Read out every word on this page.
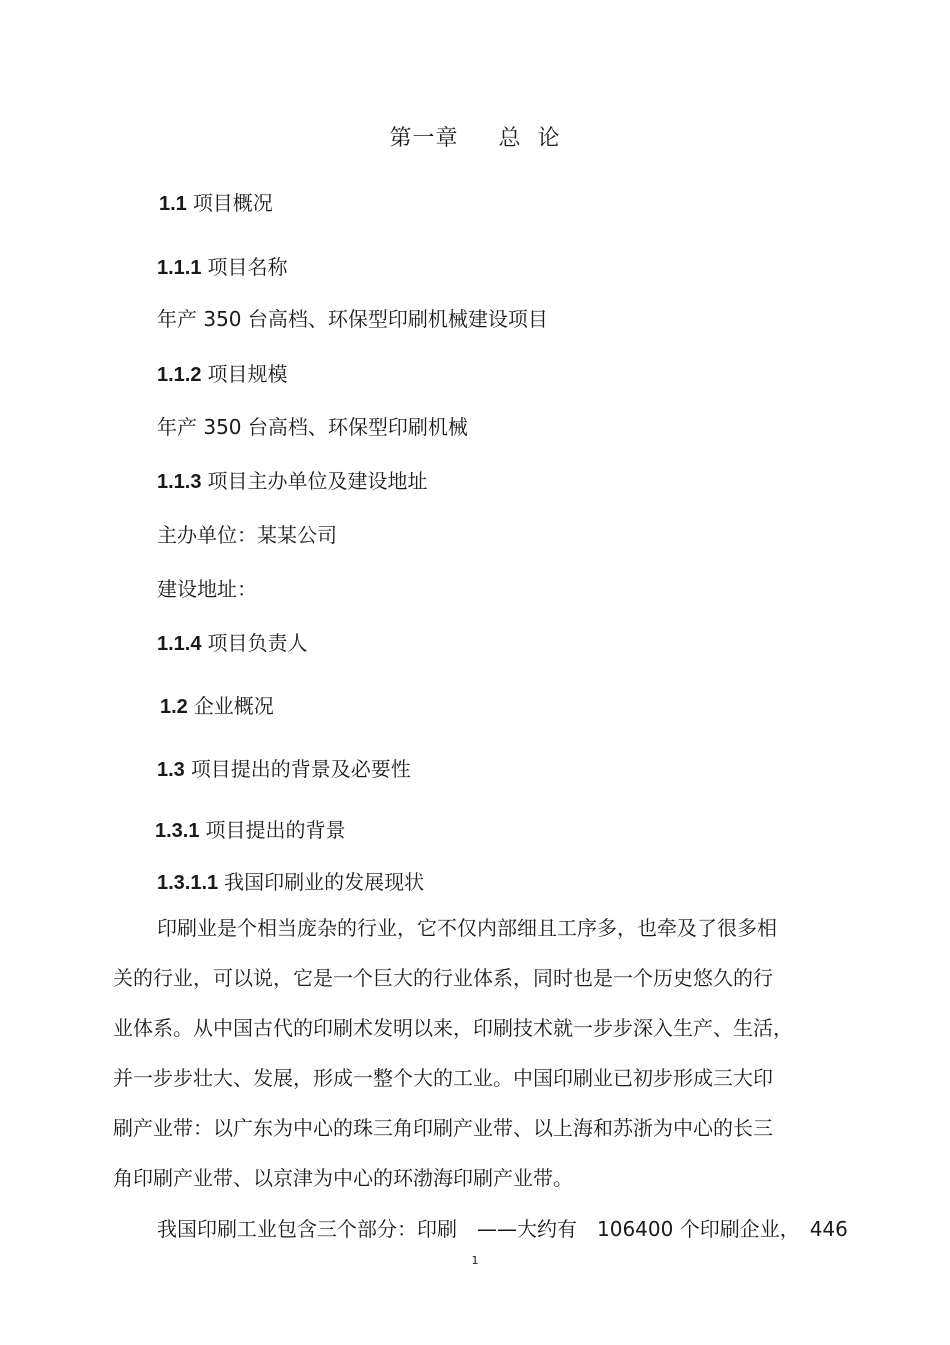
第一章 总  论
1.1 项目概况
1.1.1 项目名称
年产 350 台高档、环保型印刷机械建设项目
1.1.2 项目规模
年产 350 台高档、环保型印刷机械
1.1.3 项目主办单位及建设地址
主办单位：某某公司
建设地址：
1.1.4 项目负责人
1.2 企业概况
1.3 项目提出的背景及必要性
1.3.1 项目提出的背景
1.3.1.1 我国印刷业的发展现状
印刷业是个相当庞杂的行业，它不仅内部细且工序多，也牵及了很多相
关的行业，可以说，它是一个巨大的行业体系，同时也是一个历史悠久的行
业体系。从中国古代的印刷术发明以来，印刷技术就一步步深入生产、生活，
并一步步壮大、发展，形成一整个大的工业。中国印刷业已初步形成三大印
刷产业带：以广东为中心的珠三角印刷产业带、以上海和苏浙为中心的长三
角印刷产业带、以京津为中心的环渤海印刷产业带。
我国印刷工业包含三个部分：印刷　——大约有　106400 个印刷企业，　446
1
